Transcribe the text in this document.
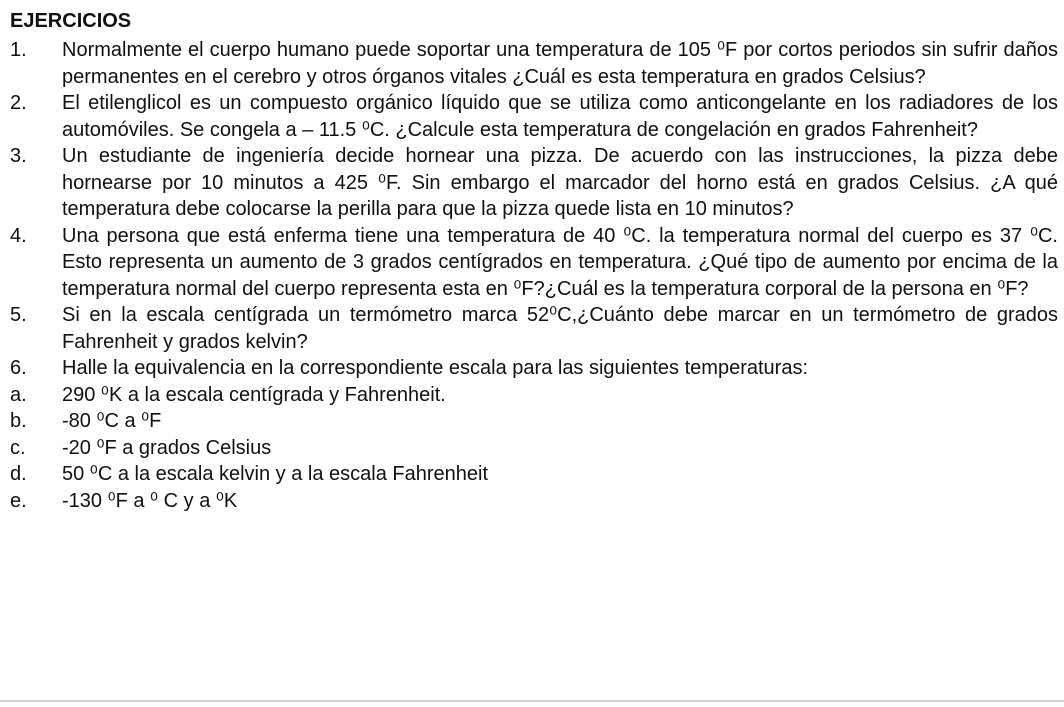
EJERCICIOS
1.	Normalmente el cuerpo humano puede soportar una temperatura de 105 ⁰F por cortos periodos sin sufrir daños permanentes en el cerebro y otros órganos vitales ¿Cuál es esta temperatura en grados Celsius?
2.	El etilenglicol es un compuesto orgánico líquido que se utiliza como anticongelante en los radiadores de los automóviles. Se congela a – 11.5 ⁰C. ¿Calcule esta temperatura de congelación en grados Fahrenheit?
3.	Un estudiante de ingeniería decide hornear una pizza. De acuerdo con las instrucciones, la pizza debe hornearse por 10 minutos a 425 ⁰F. Sin embargo el marcador del horno está en grados Celsius. ¿A qué temperatura debe colocarse la perilla para que la pizza quede lista en 10 minutos?
4.	Una persona que está enferma tiene una temperatura de 40 ⁰C. la temperatura normal del cuerpo es 37 ⁰C. Esto representa un aumento de 3 grados centígrados en temperatura. ¿Qué tipo de aumento por encima de la temperatura normal del cuerpo representa esta en ⁰F?¿Cuál es la temperatura corporal de la persona en ⁰F?
5.	Si en la escala centígrada un termómetro marca 52⁰C,¿Cuánto debe marcar en un termómetro de grados Fahrenheit y grados kelvin?
6.	Halle la equivalencia en la correspondiente escala para las siguientes temperaturas:
a.	290 ⁰K a la escala centígrada y Fahrenheit.
b.	-80 ⁰C a ⁰F
c.	-20 ⁰F a grados Celsius
d.	50 ⁰C a la escala kelvin y a la escala Fahrenheit
e.	-130 ⁰F a ⁰ C y a ⁰K
